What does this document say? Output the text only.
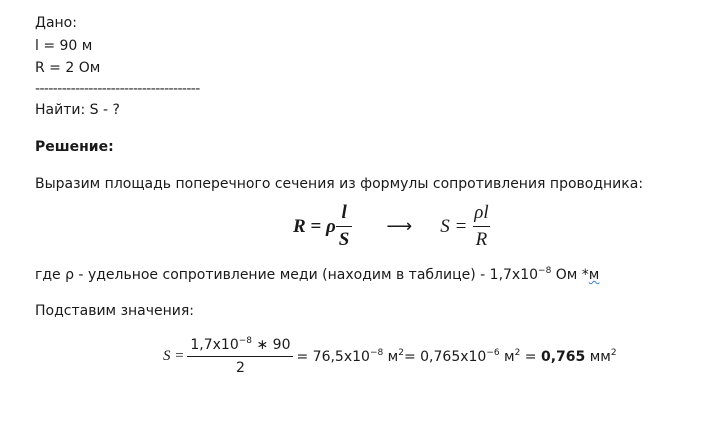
Дано:
l = 90 м
R = 2 Ом
-------------------------------------
Найти: S - ?
Решение:
Выразим площадь поперечного сечения из формулы сопротивления проводника:
R = ρ $\frac{l}{S}$ ⟶ $S = \frac{\rho l}{R}$
где ρ - удельное сопротивление меди (находим в таблице) - $1,7x10^{-8}$ Ом *м
Подставим значения:
$S = \frac{1,7x10^{-8} ∗ 90}{2} = 76,5x10^{-8}$ $м^2 = 0,765x10^{-6}$ $м^2 = 0,765$ $мм^2$
